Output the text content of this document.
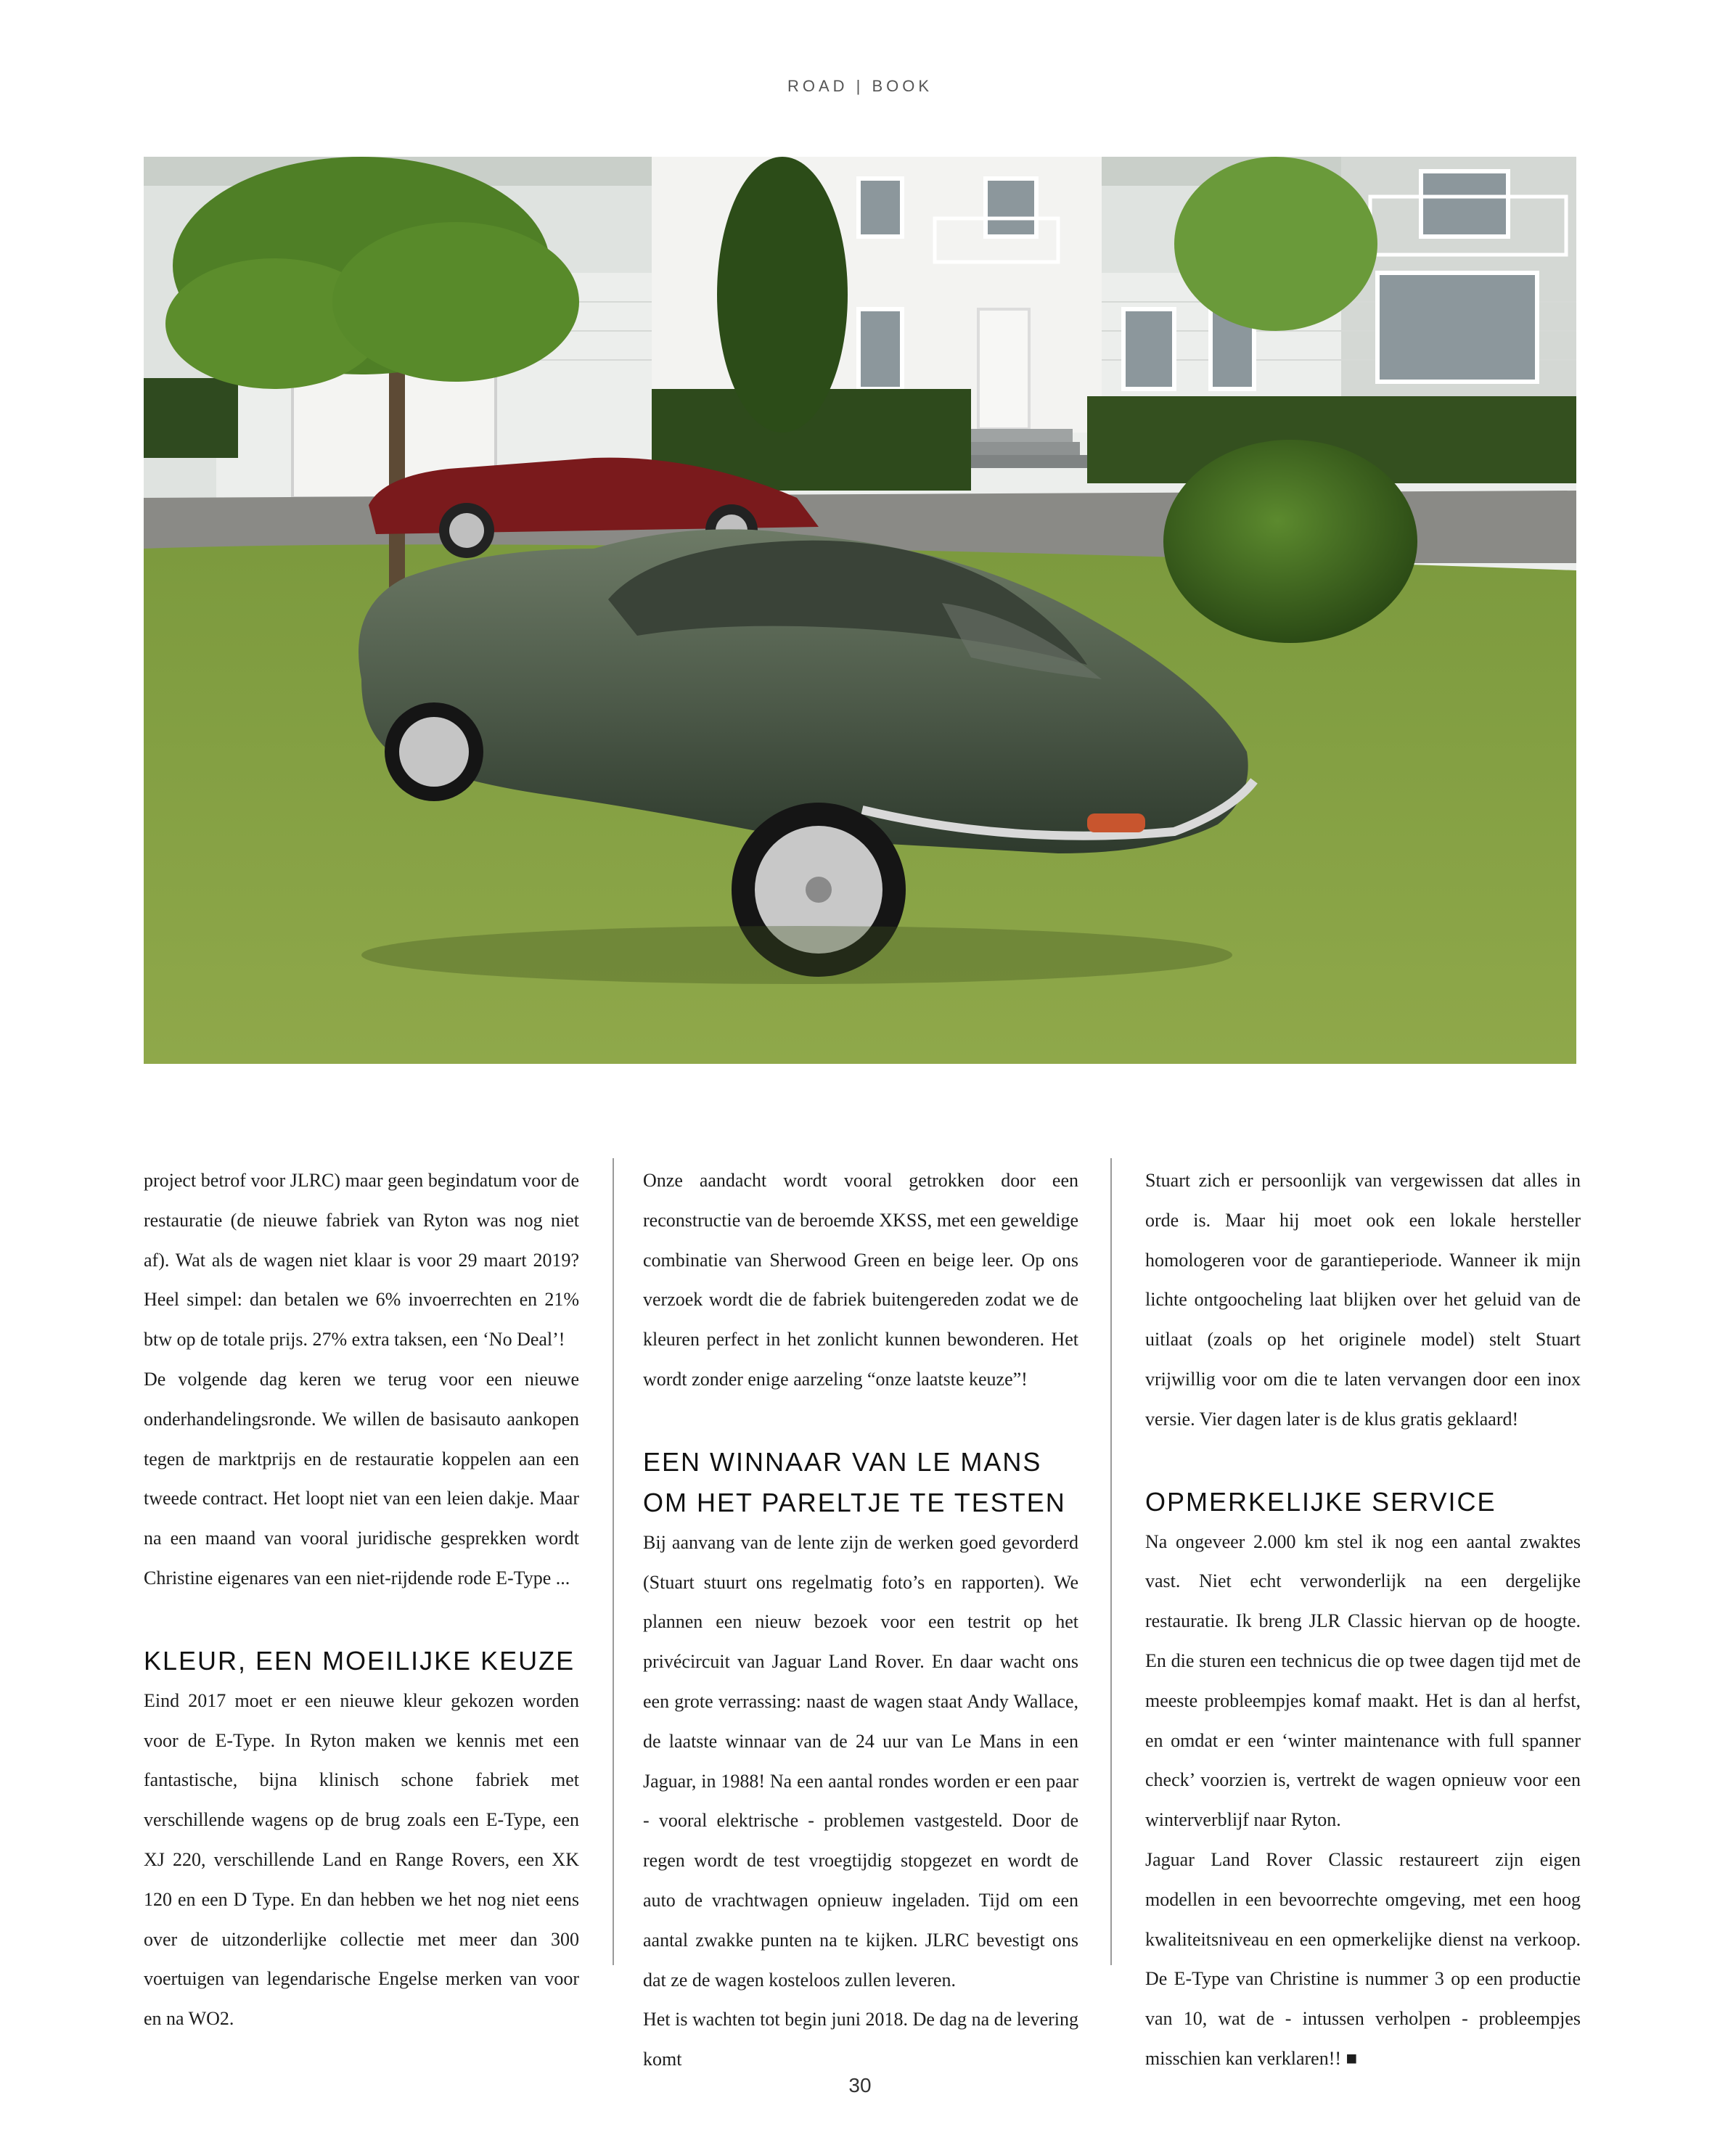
ROAD | BOOK

project betrof voor JLRC) maar geen begindatum voor de restauratie (de nieuwe fabriek van Ryton was nog niet af). Wat als de wagen niet klaar is voor 29 maart 2019? Heel simpel: dan betalen we 6% invoerrechten en 21% btw op de totale prijs. 27% extra taksen, een ‘No Deal’!

De volgende dag keren we terug voor een nieuwe onderhandelingsronde. We willen de basisauto aankopen tegen de marktprijs en de restauratie koppelen aan een tweede contract. Het loopt niet van een leien dakje. Maar na een maand van vooral juridische gesprekken wordt Christine eigenares van een niet-rijdende rode E-Type ...

KLEUR, EEN MOEILIJKE KEUZE

Eind 2017 moet er een nieuwe kleur gekozen worden voor de E-Type. In Ryton maken we kennis met een fantastische, bijna klinisch schone fabriek met verschillende wagens op de brug zoals een E-Type, een XJ 220, verschillende Land en Range Rovers, een XK 120 en een D Type. En dan hebben we het nog niet eens over de uitzonderlijke collectie met meer dan 300 voertuigen van legendarische Engelse merken van voor en na WO2.

Onze aandacht wordt vooral getrokken door een reconstructie van de beroemde XKSS, met een geweldige combinatie van Sherwood Green en beige leer. Op ons verzoek wordt die de fabriek buitengereden zodat we de kleuren perfect in het zonlicht kunnen bewonderen. Het wordt zonder enige aarzeling “onze laatste keuze”!

EEN WINNAAR VAN LE MANS OM HET PARELTJE TE TESTEN

Bij aanvang van de lente zijn de werken goed gevorderd (Stuart stuurt ons regelmatig foto’s en rapporten). We plannen een nieuw bezoek voor een testrit op het privécircuit van Jaguar Land Rover. En daar wacht ons een grote verrassing: naast de wagen staat Andy Wallace, de laatste winnaar van de 24 uur van Le Mans in een Jaguar, in 1988! Na een aantal rondes worden er een paar - vooral elektrische - problemen vastgesteld. Door de regen wordt de test vroegtijdig stopgezet en wordt de auto de vrachtwagen opnieuw ingeladen. Tijd om een aantal zwakke punten na te kijken. JLRC bevestigt ons dat ze de wagen kosteloos zullen leveren.

Het is wachten tot begin juni 2018. De dag na de levering komt

Stuart zich er persoonlijk van vergewissen dat alles in orde is. Maar hij moet ook een lokale hersteller homologeren voor de garantieperiode. Wanneer ik mijn lichte ontgoocheling laat blijken over het geluid van de uitlaat (zoals op het originele model) stelt Stuart vrijwillig voor om die te laten vervangen door een inox versie. Vier dagen later is de klus gratis geklaard!

OPMERKELIJKE SERVICE

Na ongeveer 2.000 km stel ik nog een aantal zwaktes vast. Niet echt verwonderlijk na een dergelijke restauratie. Ik breng JLR Classic hiervan op de hoogte. En die sturen een technicus die op twee dagen tijd met de meeste probleempjes komaf maakt. Het is dan al herfst, en omdat er een ‘winter maintenance with full spanner check’ voorzien is, vertrekt de wagen opnieuw voor een winterverblijf naar Ryton.

Jaguar Land Rover Classic restaureert zijn eigen modellen in een bevoorrechte omgeving, met een hoog kwaliteitsniveau en een opmerkelijke dienst na verkoop. De E-Type van Christine is nummer 3 op een productie van 10, wat de - intussen verholpen - probleempjes misschien kan verklaren!! ■

30
